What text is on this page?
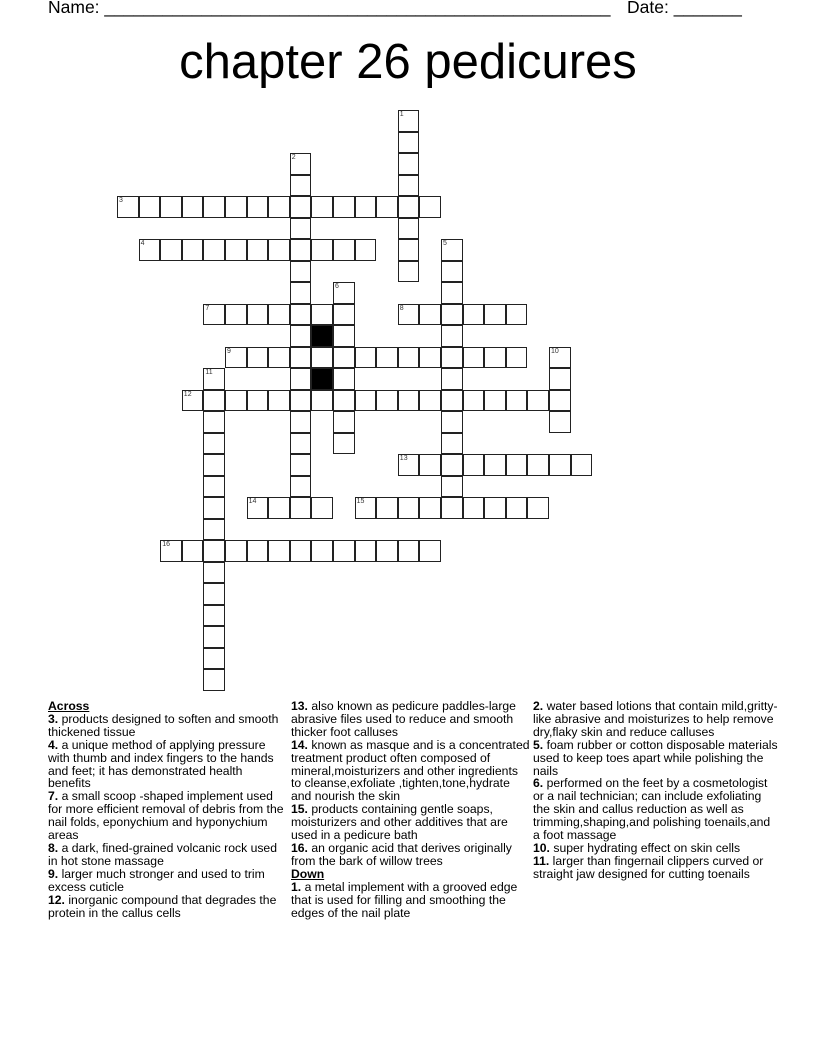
Name: ____________________________________________________ Date: _______
chapter 26 pedicures
1
2
3
4	5
6
7	8
9	10
11
12
13
14	15
16

Across

3. products designed to soften and smooth thickened tissue

4. a unique method of applying pressure with thumb and index fingers to the hands and feet; it has demonstrated health benefits

7. a small scoop -shaped implement used for more efficient removal of debris from the nail folds, eponychium and hyponychium areas

8. a dark, fined-grained volcanic rock used in hot stone massage

9. larger much stronger and used to trim excess cuticle

12. inorganic compound that degrades the protein in the callus cells

13. also known as pedicure paddles-large abrasive files used to reduce and smooth thicker foot calluses

14. known as masque and is a concentrated treatment product often composed of mineral,moisturizers and other ingredients to cleanse,exfoliate ,tighten,tone,hydrate and nourish the skin

15. products containing gentle soaps, moisturizers and other additives that are used in a pedicure bath

16. an organic acid that derives originally from the bark of willow trees

Down

1. a metal implement with a grooved edge that is used for filling and smoothing the edges of the nail plate

2. water based lotions that contain mild,gritty-like abrasive and moisturizes to help remove dry,flaky skin and reduce calluses

5. foam rubber or cotton disposable materials used to keep toes apart while polishing the nails

6. performed on the feet by a cosmetologist or a nail technician; can include exfoliating the skin and callus reduction as well as trimming,shaping,and polishing toenails,and a foot massage

10. super hydrating effect on skin cells

11. larger than fingernail clippers curved or straight jaw designed for cutting toenails
